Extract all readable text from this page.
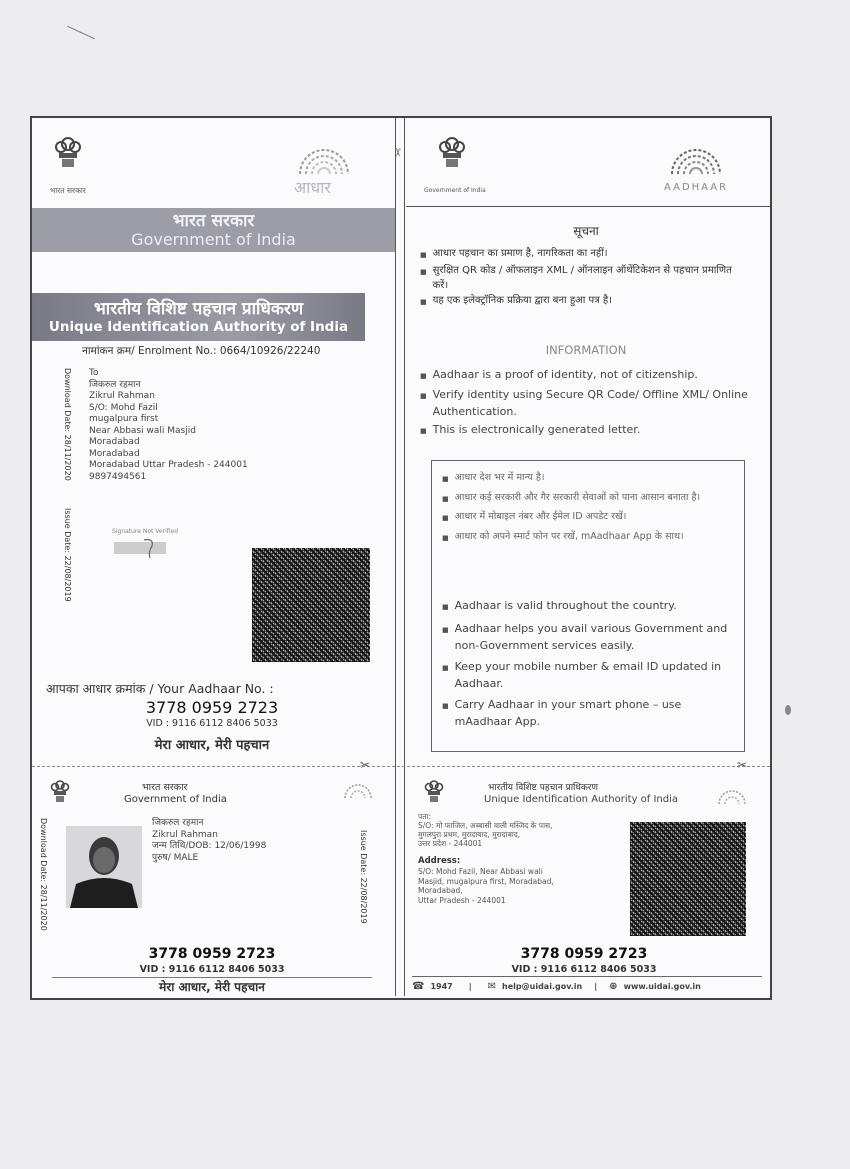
✂	✂
✂
भारत सरकार	आधार
भारत सरकार
Government of India
भारतीय विशिष्ट पहचान प्राधिकरण
Unique Identification Authority of India
नामांकन क्रम/ Enrolment No.: 0664/10926/22240
Download Date: 28/11/2020
Issue Date: 22/08/2019
To
जिकरुल रहमान
Zikrul Rahman
S/O: Mohd Fazil
mugalpura first
Near Abbasi wali Masjid
Moradabad
Moradabad
Moradabad Uttar Pradesh - 244001
9897494561
Signature Not Verified
आपका आधार क्रमांक / Your Aadhaar No. :
3778 0959 2723
VID : 9116 6112 8406 5033
मेरा आधार, मेरी पहचान
भारत सरकार
Government of India
Download Date: 28/11/2020	Issue Date: 22/08/2019
जिकरुल रहमान
Zikrul Rahman
जन्म तिथि/DOB: 12/06/1998
पुरुष/ MALE
3778 0959 2723
VID : 9116 6112 8406 5033
मेरा आधार, मेरी पहचान
Government of India	AADHAAR
सूचना
■ आधार पहचान का प्रमाण है, नागरिकता का नहीं।
■ सुरक्षित QR कोड / ऑफलाइन XML / ऑनलाइन ऑथेंटिकेशन से पहचान प्रमाणित करें।
■ यह एक इलेक्ट्रॉनिक प्रक्रिया द्वारा बना हुआ पत्र है।
INFORMATION
■ Aadhaar is a proof of identity, not of citizenship.
■ Verify identity using Secure QR Code/ Offline XML/ Online Authentication.
■ This is electronically generated letter.
■ आधार देश भर में मान्य है।
■ आधार कई सरकारी और गैर सरकारी सेवाओं को पाना आसान बनाता है।
■ आधार में मोबाइल नंबर और ईमेल ID अपडेट रखें।
■ आधार को अपने स्मार्ट फोन पर रखें, mAadhaar App के साथ।
■ Aadhaar is valid throughout the country.
■ Aadhaar helps you avail various Government and non-Government services easily.
■ Keep your mobile number & email ID updated in Aadhaar.
■ Carry Aadhaar in your smart phone – use mAadhaar App.
भारतीय विशिष्ट पहचान प्राधिकरण
Unique Identification Authority of India
पता:
S/O: मो फाजिल, अब्बासी वाली मस्जिद के पास,
मुगलपुरा प्रथम, मुरादाबाद, मुरादाबाद,
उत्तर प्रदेश - 244001
Address:
S/O: Mohd Fazil, Near Abbasi wali
Masjid, mugalpura first, Moradabad,
Moradabad,
Uttar Pradesh - 244001
3778 0959 2723
VID : 9116 6112 8406 5033
☎ 1947 | ✉ help@uidai.gov.in | ⊕ www.uidai.gov.in
